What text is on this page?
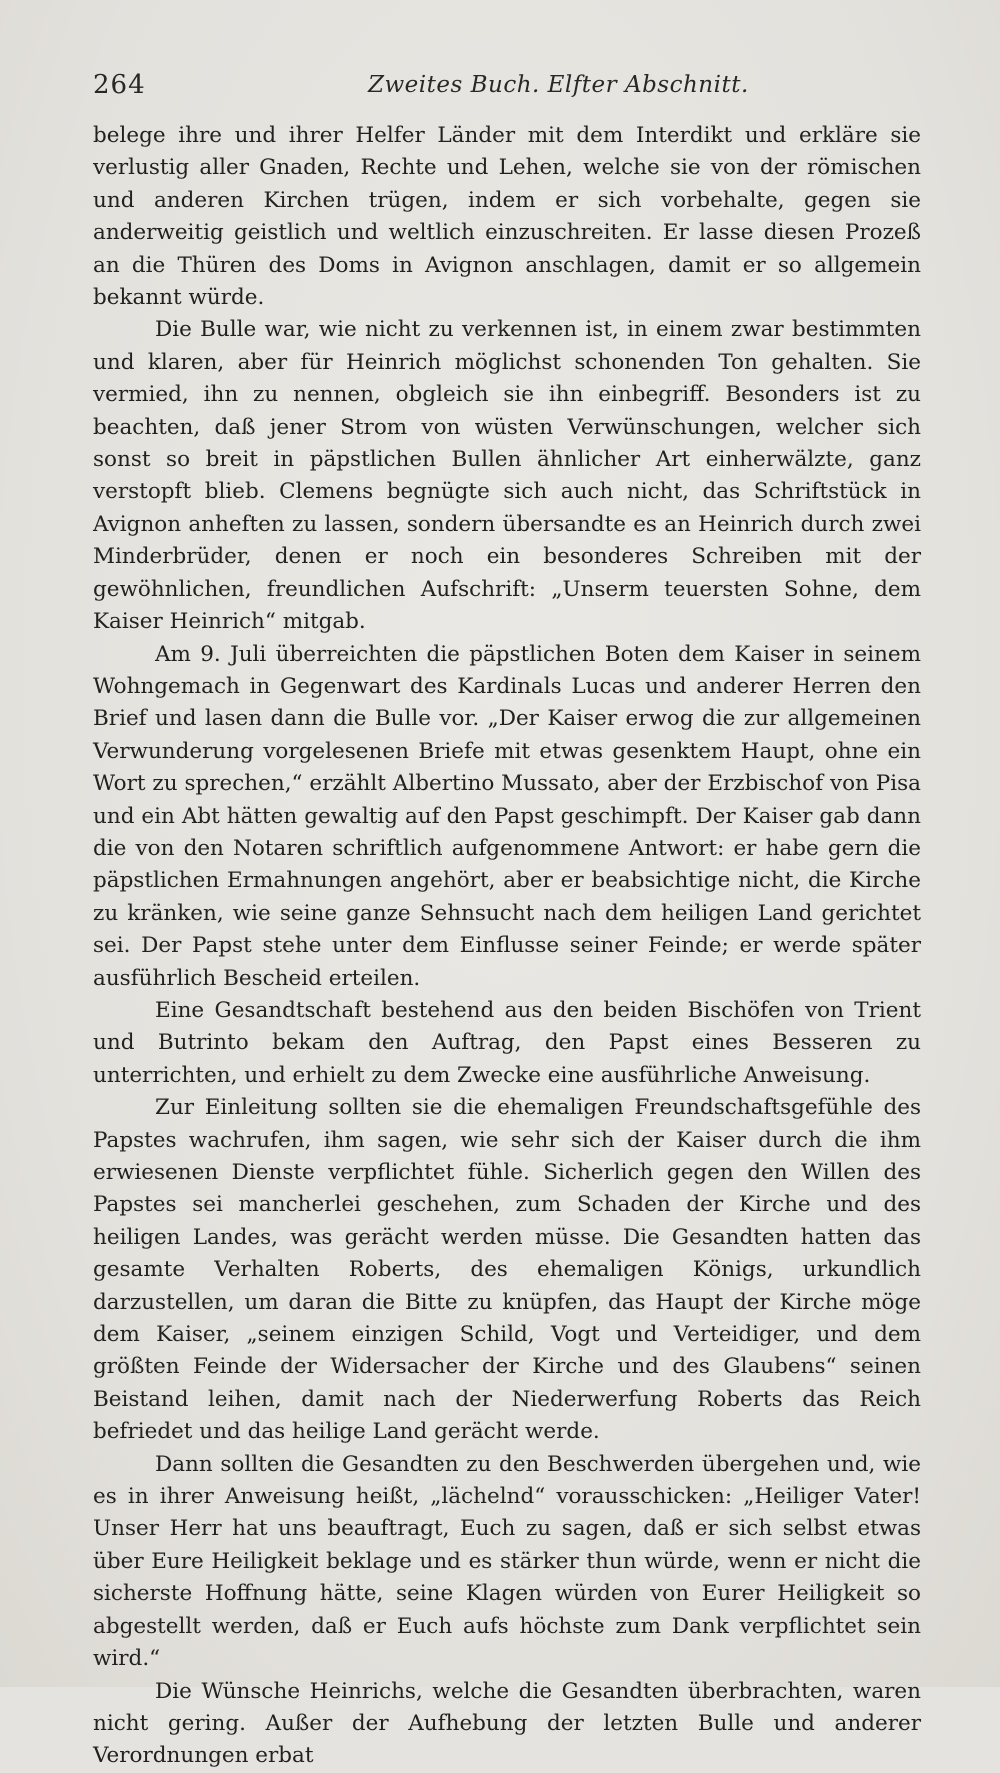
264	Zweites Buch. Elfter Abschnitt.

belege ihre und ihrer Helfer Länder mit dem Interdikt und erkläre sie verlustig aller Gnaden, Rechte und Lehen, welche sie von der römischen und anderen Kirchen trügen, indem er sich vorbehalte, gegen sie anderweitig geistlich und weltlich einzuschreiten. Er lasse diesen Prozeß an die Thüren des Doms in Avignon anschlagen, damit er so allgemein bekannt würde.

Die Bulle war, wie nicht zu verkennen ist, in einem zwar bestimmten und klaren, aber für Heinrich möglichst schonenden Ton gehalten. Sie vermied, ihn zu nennen, obgleich sie ihn einbegriff. Besonders ist zu beachten, daß jener Strom von wüsten Verwünschungen, welcher sich sonst so breit in päpstlichen Bullen ähnlicher Art einherwälzte, ganz verstopft blieb. Clemens begnügte sich auch nicht, das Schriftstück in Avignon anheften zu lassen, sondern übersandte es an Heinrich durch zwei Minderbrüder, denen er noch ein besonderes Schreiben mit der gewöhnlichen, freundlichen Aufschrift: „Unserm teuersten Sohne, dem Kaiser Heinrich“ mitgab.

Am 9. Juli überreichten die päpstlichen Boten dem Kaiser in seinem Wohngemach in Gegenwart des Kardinals Lucas und anderer Herren den Brief und lasen dann die Bulle vor. „Der Kaiser erwog die zur allgemeinen Verwunderung vorgelesenen Briefe mit etwas gesenktem Haupt, ohne ein Wort zu sprechen,“ erzählt Albertino Mussato, aber der Erzbischof von Pisa und ein Abt hätten gewaltig auf den Papst geschimpft. Der Kaiser gab dann die von den Notaren schriftlich aufgenommene Antwort: er habe gern die päpstlichen Ermahnungen angehört, aber er beabsichtige nicht, die Kirche zu kränken, wie seine ganze Sehnsucht nach dem heiligen Land gerichtet sei. Der Papst stehe unter dem Einflusse seiner Feinde; er werde später ausführlich Bescheid erteilen.

Eine Gesandtschaft bestehend aus den beiden Bischöfen von Trient und Butrinto bekam den Auftrag, den Papst eines Besseren zu unterrichten, und erhielt zu dem Zwecke eine ausführliche Anweisung.

Zur Einleitung sollten sie die ehemaligen Freundschaftsgefühle des Papstes wachrufen, ihm sagen, wie sehr sich der Kaiser durch die ihm erwiesenen Dienste verpflichtet fühle. Sicherlich gegen den Willen des Papstes sei mancherlei geschehen, zum Schaden der Kirche und des heiligen Landes, was gerächt werden müsse. Die Gesandten hatten das gesamte Verhalten Roberts, des ehemaligen Königs, urkundlich darzustellen, um daran die Bitte zu knüpfen, das Haupt der Kirche möge dem Kaiser, „seinem einzigen Schild, Vogt und Verteidiger, und dem größten Feinde der Widersacher der Kirche und des Glaubens“ seinen Beistand leihen, damit nach der Niederwerfung Roberts das Reich befriedet und das heilige Land gerächt werde.

Dann sollten die Gesandten zu den Beschwerden übergehen und, wie es in ihrer Anweisung heißt, „lächelnd“ vorausschicken: „Heiliger Vater! Unser Herr hat uns beauftragt, Euch zu sagen, daß er sich selbst etwas über Eure Heiligkeit beklage und es stärker thun würde, wenn er nicht die sicherste Hoffnung hätte, seine Klagen würden von Eurer Heiligkeit so abgestellt werden, daß er Euch aufs höchste zum Dank verpflichtet sein wird.“

Die Wünsche Heinrichs, welche die Gesandten überbrachten, waren nicht gering. Außer der Aufhebung der letzten Bulle und anderer Verordnungen erbat
